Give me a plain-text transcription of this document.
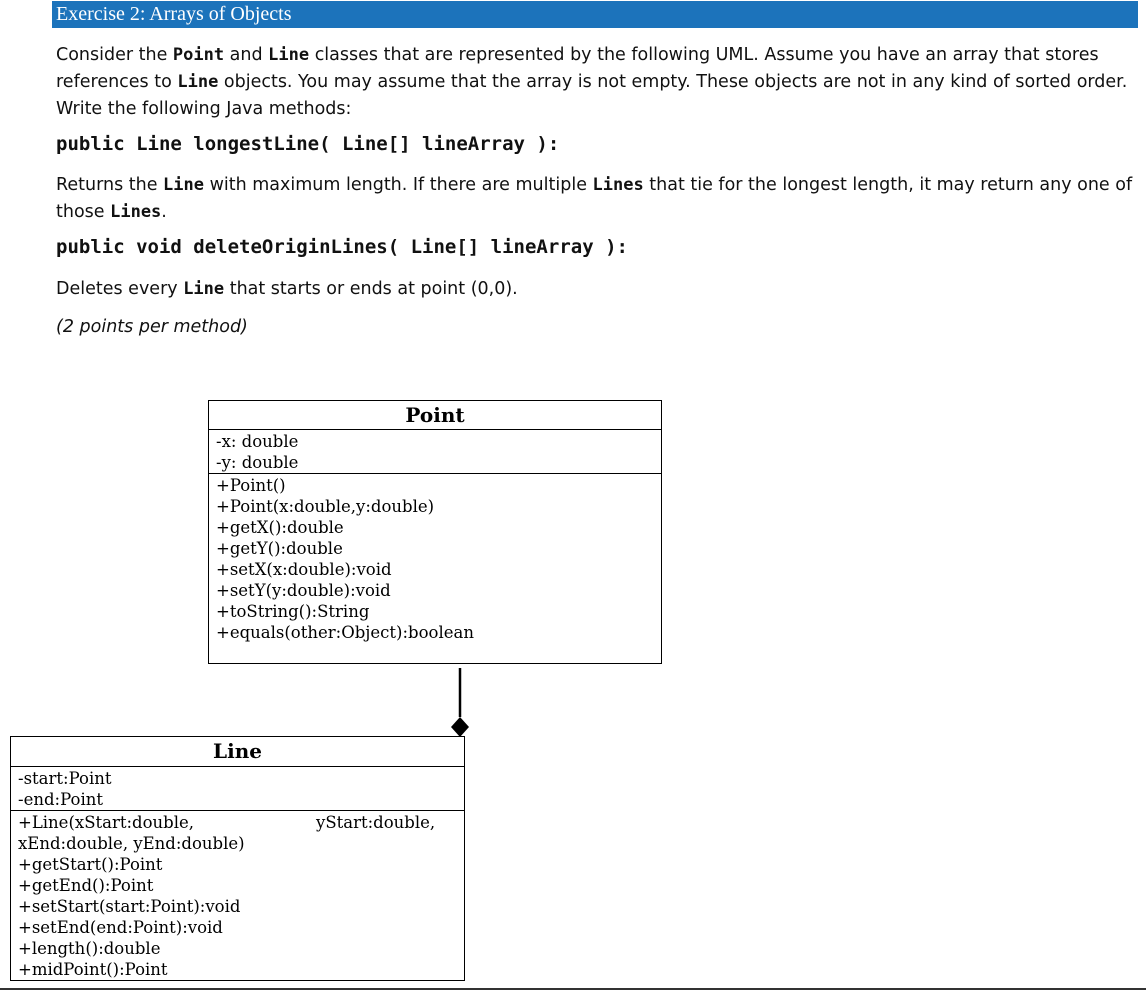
Exercise 2: Arrays of Objects
Consider the Point and Line classes that are represented by the following UML. Assume you have an array that stores references to Line objects. You may assume that the array is not empty. These objects are not in any kind of sorted order. Write the following Java methods:
public Line longestLine( Line[] lineArray ):
Returns the Line with maximum length. If there are multiple Lines that tie for the longest length, it may return any one of those Lines.
public void deleteOriginLines( Line[] lineArray ):
Deletes every Line that starts or ends at point (0,0).
(2 points per method)
Point
-x: double
-y: double
+Point()
+Point(x:double,y:double)
+getX():double
+getY():double
+setX(x:double):void
+setY(y:double):void
+toString():String
+equals(other:Object):boolean
Line
-start:Point
-end:Point
+Line(xStart:double,	yStart:double,
xEnd:double, yEnd:double)
+getStart():Point
+getEnd():Point
+setStart(start:Point):void
+setEnd(end:Point):void
+length():double
+midPoint():Point
